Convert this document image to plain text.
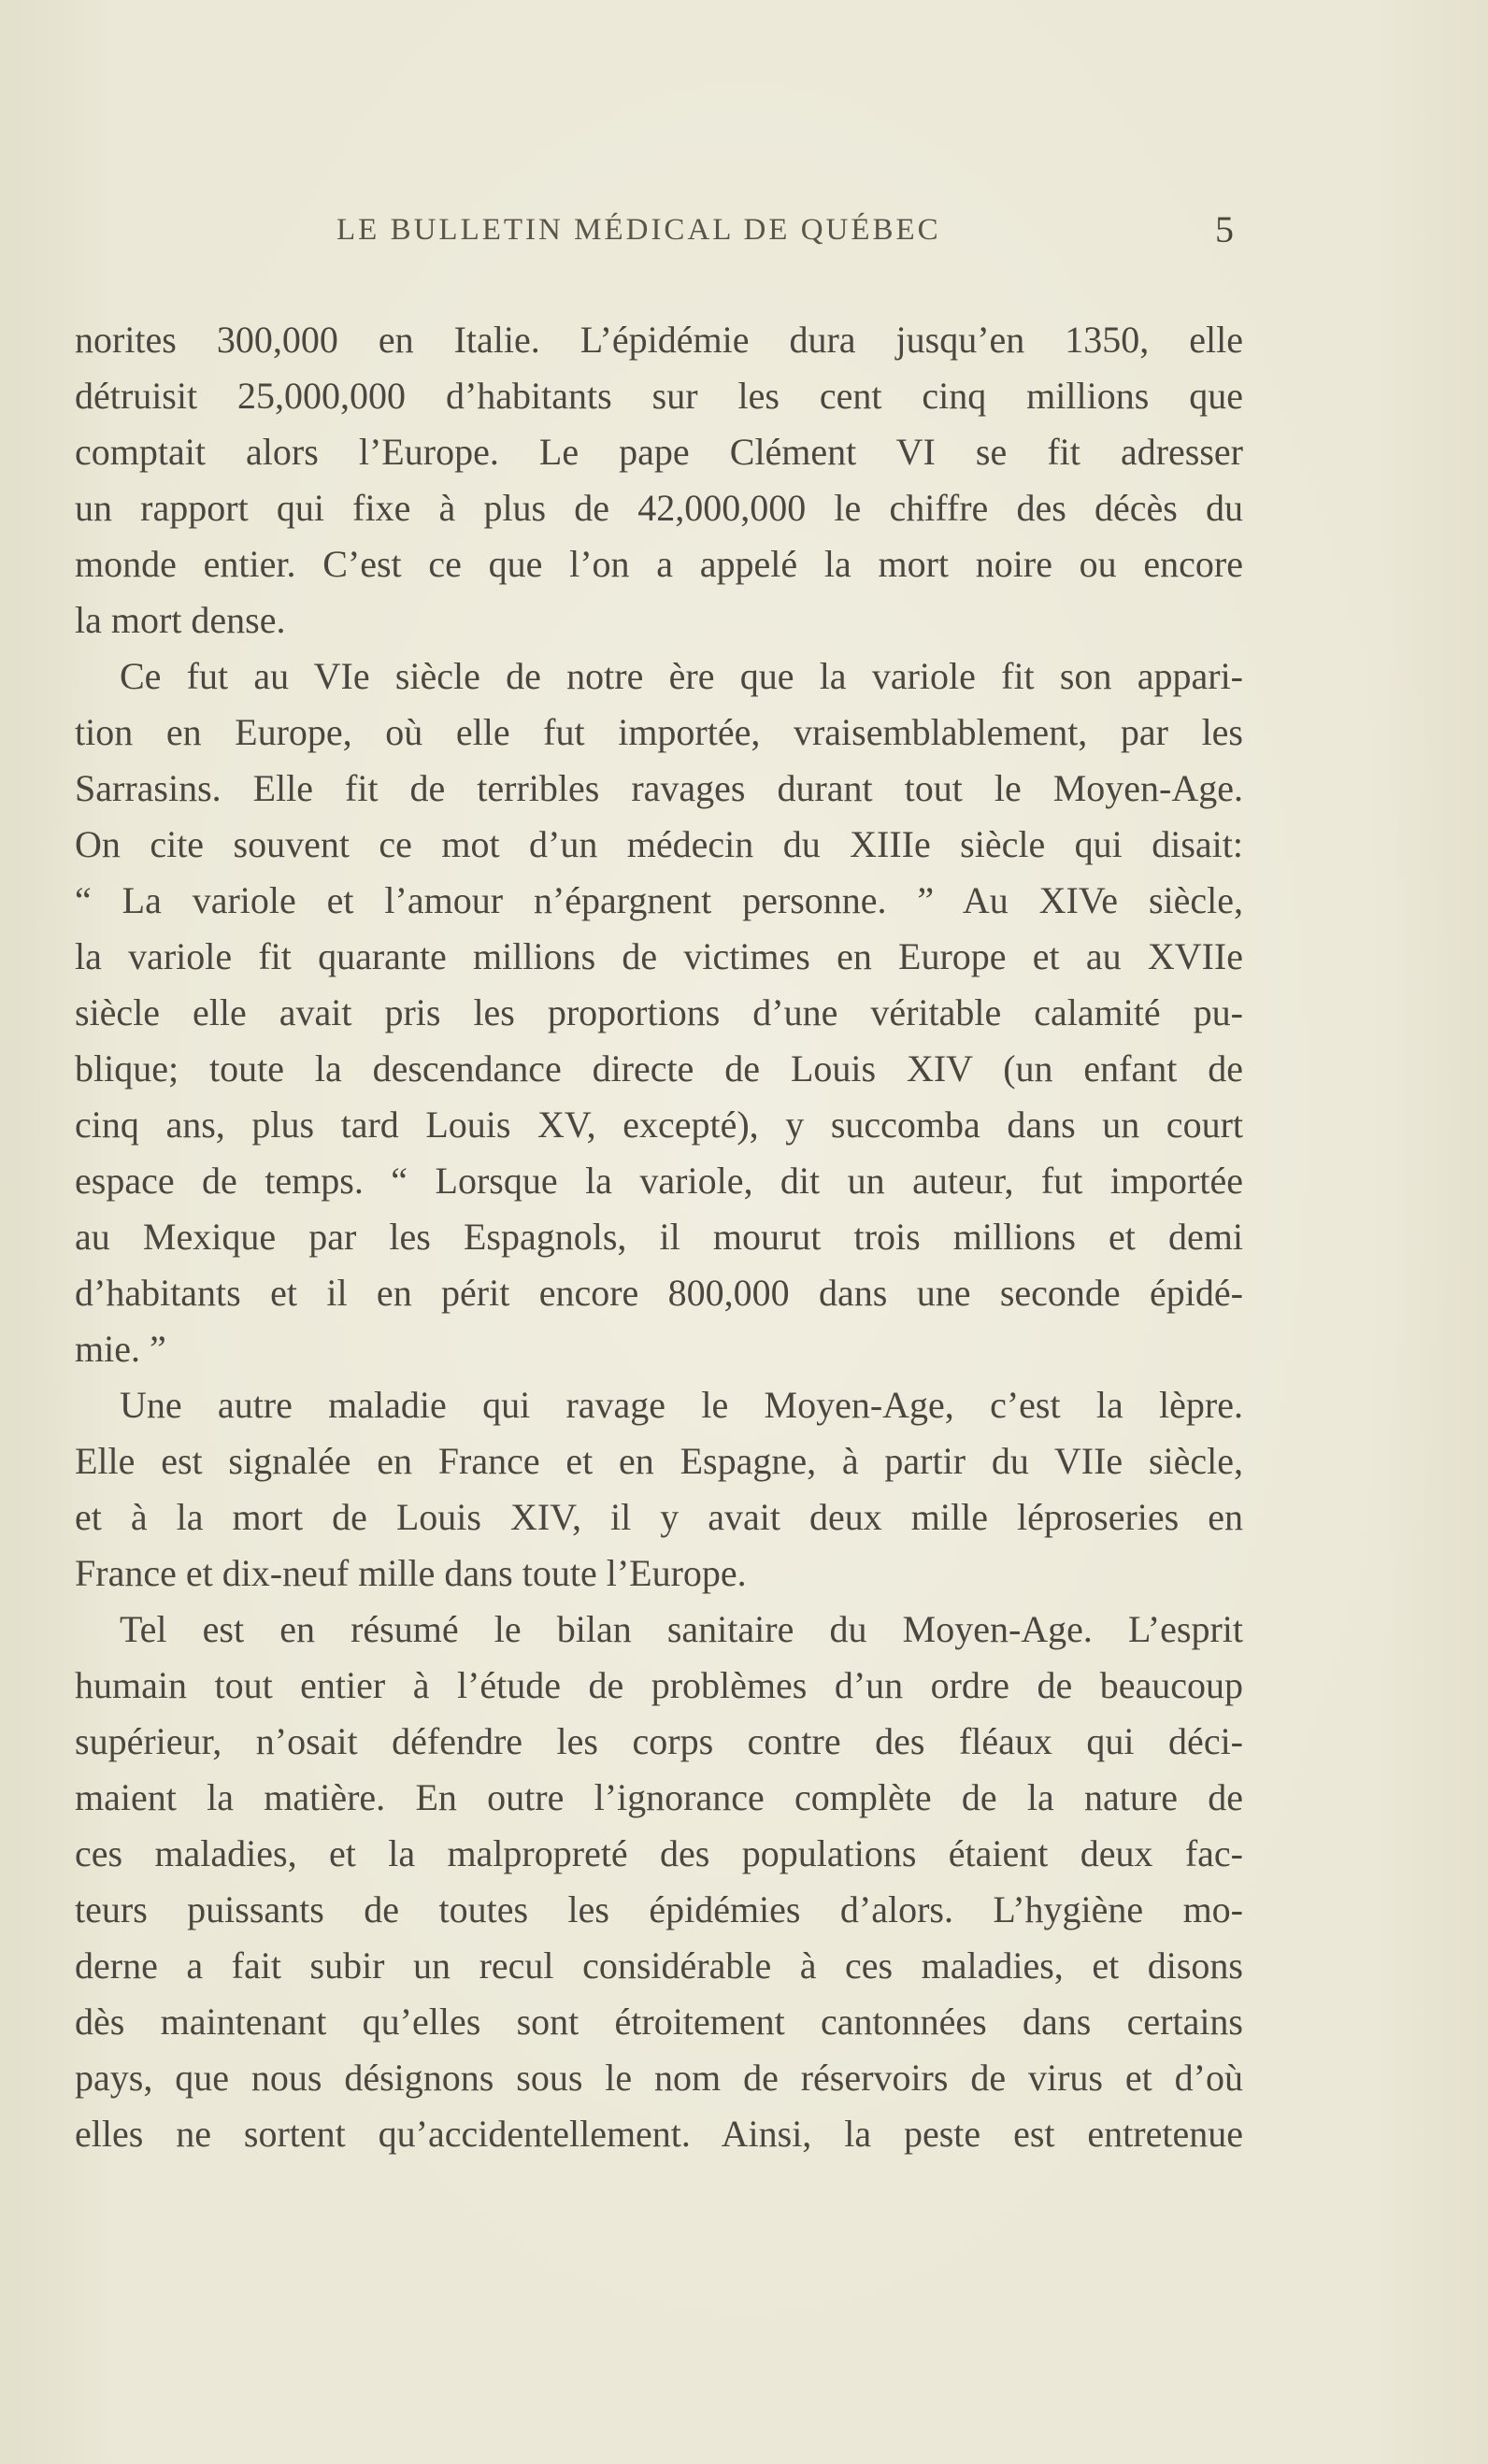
LE BULLETIN MÉDICAL DE QUÉBEC	5
norites 300,000 en Italie. L’épidémie dura jusqu’en 1350, elle
détruisit 25,000,000 d’habitants sur les cent cinq millions que
comptait alors l’Europe. Le pape Clément VI se fit adresser
un rapport qui fixe à plus de 42,000,000 le chiffre des décès du
monde entier. C’est ce que l’on a appelé la mort noire ou encore
la mort dense.
Ce fut au VIe siècle de notre ère que la variole fit son appari-
tion en Europe, où elle fut importée, vraisemblablement, par les
Sarrasins. Elle fit de terribles ravages durant tout le Moyen-Age.
On cite souvent ce mot d’un médecin du XIIIe siècle qui disait:
“ La variole et l’amour n’épargnent personne. ” Au XIVe siècle,
la variole fit quarante millions de victimes en Europe et au XVIIe
siècle elle avait pris les proportions d’une véritable calamité pu-
blique; toute la descendance directe de Louis XIV (un enfant de
cinq ans, plus tard Louis XV, excepté), y succomba dans un court
espace de temps. “ Lorsque la variole, dit un auteur, fut importée
au Mexique par les Espagnols, il mourut trois millions et demi
d’habitants et il en périt encore 800,000 dans une seconde épidé-
mie. ”
Une autre maladie qui ravage le Moyen-Age, c’est la lèpre.
Elle est signalée en France et en Espagne, à partir du VIIe siècle,
et à la mort de Louis XIV, il y avait deux mille léproseries en
France et dix-neuf mille dans toute l’Europe.
Tel est en résumé le bilan sanitaire du Moyen-Age. L’esprit
humain tout entier à l’étude de problèmes d’un ordre de beaucoup
supérieur, n’osait défendre les corps contre des fléaux qui déci-
maient la matière. En outre l’ignorance complète de la nature de
ces maladies, et la malpropreté des populations étaient deux fac-
teurs puissants de toutes les épidémies d’alors. L’hygiène mo-
derne a fait subir un recul considérable à ces maladies, et disons
dès maintenant qu’elles sont étroitement cantonnées dans certains
pays, que nous désignons sous le nom de réservoirs de virus et d’où
elles ne sortent qu’accidentellement. Ainsi, la peste est entretenue
